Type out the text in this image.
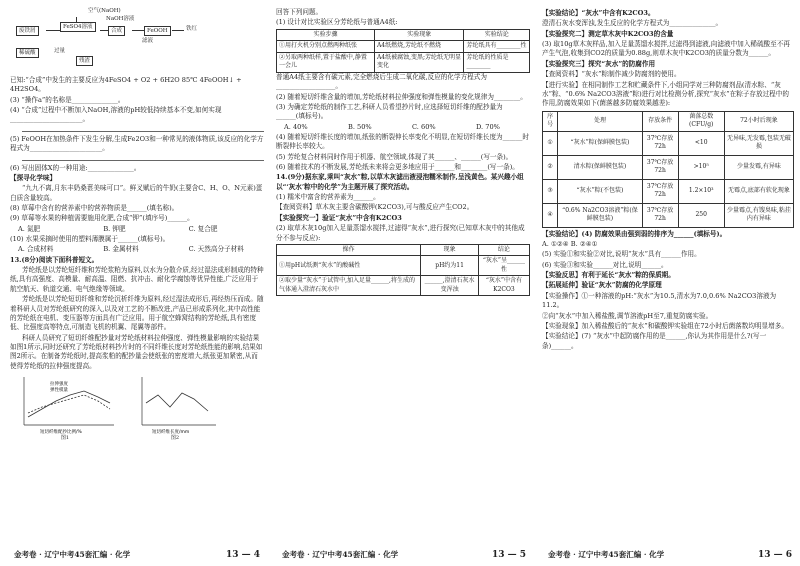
空气(NaOH)
废铁屑
FeSO4溶液
合成
NaOH溶液
FeOOH	铁红
滤液
稀硫酸	过量
残渣

已知:“合成”中发生的主要反应为4FeSO4 + O2 + 6H2O 85℃ 4FeOOH↓ + 4H2SO4。

(3) “操作a”的名称是______________。

(4) “合成”过程中不断加入NaOH,溶液的pH较低持续基本不变,如何实现______________________。

(5) FeOOH在加热条件下发生分解,生成Fe2O3和一种常见的液体物质,该反应的化学方程式为______________________。

(6) 写出固体X的一种用途:______________。

【探寻化学味】

“九九不离,月东丰奶桑葚美味可口”。鲜叉赋后的牛奶(主要含C、H、O、N元素)蛋白质含量较高。

(8) 草莓中含有的营养素中的营养物质是______(填名称)。

(9) 草莓等水果的种植需要施用化肥,合成“钾”(填序号)______。

A. 氮肥	B. 钾肥	C. 复合肥

(10) 水果采摘时使用的塑料薄膜属于______(填标号)。

A. 合成材料	B. 金属材料	C. 天然高分子材料

13.(8分)阅读下面科普短文。

芳纶纸是以芳纶短纤维和芳纶浆粕为原料,以水为分散介质,经过湿法成形制成的特种纸,具有高强度、高模量、耐高温、阻燃、抗冲击、耐化学腐蚀等优异性能,广泛应用于航空航天、轨道交通、电气绝缘等领域。

芳纶纸是以芳纶短切纤维和芳纶沉析纤维为原料,经过湿法成形后,再经热压而成。随着科研人员对芳纶纸研究的深入,以及对工艺的不断改进,产品已形成系列化,其中高性能的芳纶纸在电机、变压器等方面具有广泛应用。用于航空蜂窝结构的芳纶纸,具有密度低、比强度高等特点,可制造飞机的机翼、尾翼等部件。

科研人员研究了短切纤维配抄量对芳纶纸材料拉伸强度、弹性模量影响的实验结果如图1所示,同时还研究了芳纶纸材料抄片时的不同纤维长度对芳纶纸性能的影响,结果如图2所示。在制备芳纶纸时,提高浆粕的配抄量会使纸张的密度增大,纸张更加紧密,从而使得芳纶纸的拉伸强度提高。

拉伸强度
弹性模量
短切纤维配抄比例/%
图1
短切纤维长度/mm
图2
金考卷 · 辽宁中考45套汇编 · 化学	13 — 4

回答下列问题。

(1) 设计对比实验区分芳纶纸与普通A4纸:

实验步骤	实验现象	实验结论
①用打火机分别点燃两种纸张	A4纸燃烧,芳纶纸不燃烧	芳纶纸具有________性
②另取两种纸样,置于盐酸中,静置一会儿	A4纸被腐蚀,变黑;芳纶纸无明显变化	芳纶纸的性质是________

普通A4纸主要含有碳元素,完全燃烧后生成二氧化碳,反应的化学方程式为__________________。

(2) 随着短切纤维含量的增加,芳纶纸材料拉伸强度和弹性模量的变化规律为________。

(3) 为确定芳纶纸的制作工艺,科研人员希望抄片时,应选择短切纤维的配抄量为______(填标号)。

A. 40%	B. 50%	C. 60%	D. 70%

(4) 随着短切纤维长度的增加,纸张的断裂伸长率变化不明显,在短切纤维长度为______时断裂伸长率较大。

(5) 芳纶复合材料同时作用于机器、航空领域,体现了其______、______(写一条)。

(6) 随着技术的不断发展,芳纶纸未来将会更多地应用于______和________(写一条)。

14.(9分)据东家,乘叫“灰水”粽,以草木灰滤出液浸泡糯米制作,呈浅黄色。某兴趣小组以“‘灰水’粽中的化学”为主题开展了探究活动。

(1) 糯米中富含的营养素为______。

【查阅资料】草木灰主要含碳酸钾(K2CO3),可与酸反应产生CO2。

【实验探究一】验证“灰水”中含有K2CO3

(2) 取草木灰10g加入足量蒸馏水搅拌,过滤得“灰水”,进行探究(已知草木灰中的其他成分不参与反应):

操作	现象	结论
①用pH试纸测“灰水”的酸碱性	pH约为11	“灰水”呈______性
②取少量“灰水”于试管中,加入足量______,将生成的气体通入澄清石灰水中	______,澄清石灰水变浑浊	“灰水”中含有K2CO3
金考卷 · 辽宁中考45套汇编 · 化学	13 — 5

【实验结论】“灰水”中含有K2CO3。

澄清石灰水变浑浊,发生反应的化学方程式为______________。

【实验探究二】测定草木灰中K2CO3的含量

(3) 取10g草木灰样品,加入足量蒸馏水搅拌,过滤得到滤液,向滤液中加入稀硫酸至不再产生气泡,收集到CO2的质量为0.88g,则草木灰中K2CO3的质量分数为______。

【实验探究三】探究“灰水”的防腐作用

【查阅资料】“灰水”粽制作减少防腐剂的使用。

【进行实验】在相同制作工艺和贮藏条件下,小组同学对三种防腐剂品(清水粽、“灰水”粽、“0.6% Na2CO3溶液”粽)进行对比检测分析,探究“灰水”在粽子存放过程中的作用,防腐效果如下(菌落越多防腐效果越差):

序号	处理	存放条件	菌落总数(CFU/g)	72小时后现象
①	“灰水”粽(保鲜膜包装)	37℃存放72h	<10	无异味,无发霉,包装无破损
②	清水粽(保鲜膜包装)	37℃存放72h	>10⁵	少量发霉,有异味
③	“灰水”粽(不包装)	37℃存放72h	1.2×10³	无霉点,底部有软化现象
④	“0.6% Na2CO3溶液”粽(保鲜膜包装)	37℃存放72h	250	少量霉点,有馊臭味,粘挂内有异味

【实验结论】(4) 防腐效果由强到弱的排序为______(填标号)。

A. ①②④ B. ②④①

(5) 实验①和实验②对比,说明“灰水”具有______作用。

(6) 实验③和实验______对比,说明______。

【实验反思】有利于延长“灰水”粽的保质期。

【拓展延伸】验证“灰水”防腐的化学原理

【实验操作】①一种溶液的pH:“灰水”为10.5,清水为7.0,0.6% Na2CO3溶液为11.2。

②向“灰水”中加入稀盐酸,调节溶液pH至7,重复防腐实验。

【实验现象】加入稀盐酸后的“灰水”和碳酸钾实验组在72小时后菌落数均明显增多。

【实验结论】(7) “灰水”中起防腐作用的是______,你认为其作用是什么?(写一条)______。

金考卷 · 辽宁中考45套汇编 · 化学	13 — 6
